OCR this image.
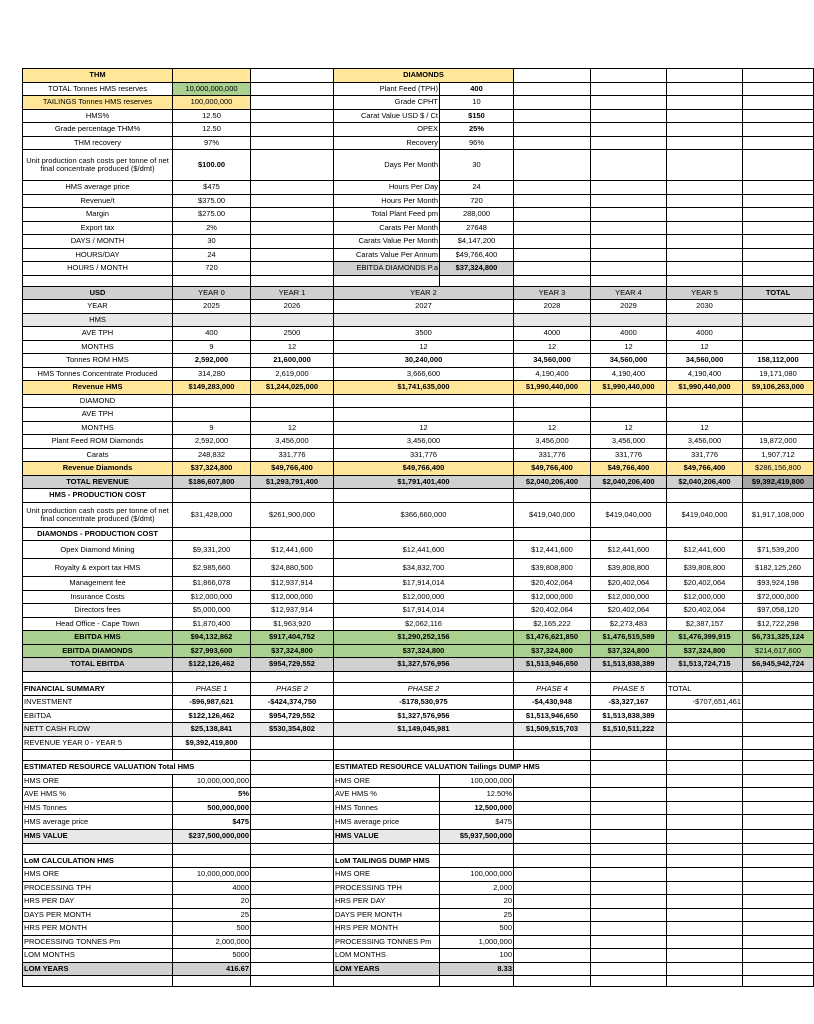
THM			DIAMONDS					
TOTAL Tonnes HMS reserves	10,000,000,000		Plant Feed (TPH)	400				
TAILINGS Tonnes HMS reserves	100,000,000		Grade CPHT	10				
HMS%	12.50		Carat Value USD $ / Ct	$150				
Grade percentage THM%	12.50		OPEX	25%				
THM recovery	97%		Recovery	96%				
Unit production cash costs per tonne of net final concentrate produced ($/dmt)	$100.00		Days Per Month	30				
HMS average price	$475		Hours Per Day	24				
Revenue/t	$375.00		Hours Per Month	720				
Margin	$275.00		Total Plant Feed pm	288,000				
Export tax	2%		Carats Per Month	27648				
DAYS / MONTH	30		Carats Value Per Month	$4,147,200				
HOURS/DAY	24		Carats Value Per Annum	$49,766,400				
HOURS / MONTH	720		EBITDA DIAMONDS P.a	$37,324,800				

USD	YEAR 0	YEAR 1	YEAR 2		YEAR 3	YEAR 4	YEAR 5	TOTAL
YEAR	2025	2026	2027		2028	2029	2030	
HMS								
AVE TPH	400	2500	3500		4000	4000	4000	
MONTHS	9	12	12		12	12	12	
Tonnes ROM HMS	2,592,000	21,600,000	30,240,000		34,560,000	34,560,000	34,560,000	158,112,000
HMS Tonnes Concentrate Produced	314,280	2,619,000	3,666,600		4,190,400	4,190,400	4,190,400	19,171,080
Revenue HMS	$149,283,000	$1,244,025,000	$1,741,635,000		$1,990,440,000	$1,990,440,000	$1,990,440,000	$9,106,263,000
DIAMOND								
AVE TPH								
MONTHS	9	12	12		12	12	12	
Plant Feed ROM Diamonds	2,592,000	3,456,000	3,456,000		3,456,000	3,456,000	3,456,000	19,872,000
Carats	248,832	331,776	331,776		331,776	331,776	331,776	1,907,712
Revenue Diamonds	$37,324,800	$49,766,400	$49,766,400		$49,766,400	$49,766,400	$49,766,400	$286,156,800
TOTAL REVENUE	$186,607,800	$1,293,791,400	$1,791,401,400		$2,040,206,400	$2,040,206,400	$2,040,206,400	$9,392,419,800
HMS - PRODUCTION COST								
Unit production cash costs per tonne of net final concentrate produced ($/dmt)	$31,428,000	$261,900,000	$366,660,000		$419,040,000	$419,040,000	$419,040,000	$1,917,108,000
DIAMONDS - PRODUCTION COST								
Opex Diamond Mining	$9,331,200	$12,441,600	$12,441,600		$12,441,600	$12,441,600	$12,441,600	$71,539,200
Royalty & export tax HMS	$2,985,660	$24,880,500	$34,832,700		$39,808,800	$39,808,800	$39,808,800	$182,125,260
Management fee	$1,866,078	$12,937,914	$17,914,014		$20,402,064	$20,402,064	$20,402,064	$93,924,198
Insurance Costs	$12,000,000	$12,000,000	$12,000,000		$12,000,000	$12,000,000	$12,000,000	$72,000,000
Directors fees	$5,000,000	$12,937,914	$17,914,014		$20,402,064	$20,402,064	$20,402,064	$97,058,120
Head Office - Cape Town	$1,870,400	$1,963,920	$2,062,116		$2,165,222	$2,273,483	$2,387,157	$12,722,298
EBITDA HMS	$94,132,862	$917,404,752	$1,290,252,156		$1,476,621,850	$1,476,515,589	$1,476,399,915	$6,731,325,124
EBITDA DIAMONDS	$27,993,600	$37,324,800	$37,324,800		$37,324,800	$37,324,800	$37,324,800	$214,617,600
TOTAL EBITDA	$122,126,462	$954,729,552	$1,327,576,956		$1,513,946,650	$1,513,838,389	$1,513,724,715	$6,945,942,724

FINANCIAL SUMMARY	PHASE 1	PHASE 2	PHASE 2		PHASE 4	PHASE 5	TOTAL	
INVESTMENT	-$96,987,621	-$424,374,750	-$178,530,975		-$4,430,948	-$3,327,167	-$707,651,461	
EBITDA	$122,126,462	$954,729,552	$1,327,576,956		$1,513,946,650	$1,513,838,389		
NETT CASH FLOW	$25,138,841	$530,354,802	$1,149,045,981		$1,509,515,703	$1,510,511,222		
REVENUE YEAR 0 - YEAR 5	$9,392,419,800							

ESTIMATED RESOURCE VALUATION Total HMS			ESTIMATED RESOURCE VALUATION Tailings DUMP HMS					
HMS ORE	10,000,000,000		HMS ORE	100,000,000				
AVE HMS %	5%		AVE HMS %	12.50%				
HMS Tonnes	500,000,000		HMS Tonnes	12,500,000				
HMS average price	$475		HMS average price	$475				
HMS VALUE	$237,500,000,000		HMS VALUE	$5,937,500,000				

LoM CALCULATION HMS			LoM TAILINGS DUMP HMS					
HMS ORE	10,000,000,000		HMS ORE	100,000,000				
PROCESSING TPH	4000		PROCESSING TPH	2,000				
HRS PER DAY	20		HRS PER DAY	20				
DAYS PER MONTH	25		DAYS PER MONTH	25				
HRS PER MONTH	500		HRS PER MONTH	500				
PROCESSING TONNES Pm	2,000,000		PROCESSING TONNES Pm	1,000,000				
LOM MONTHS	5000		LOM MONTHS	100				
LOM YEARS	416.67		LOM YEARS	8.33				
